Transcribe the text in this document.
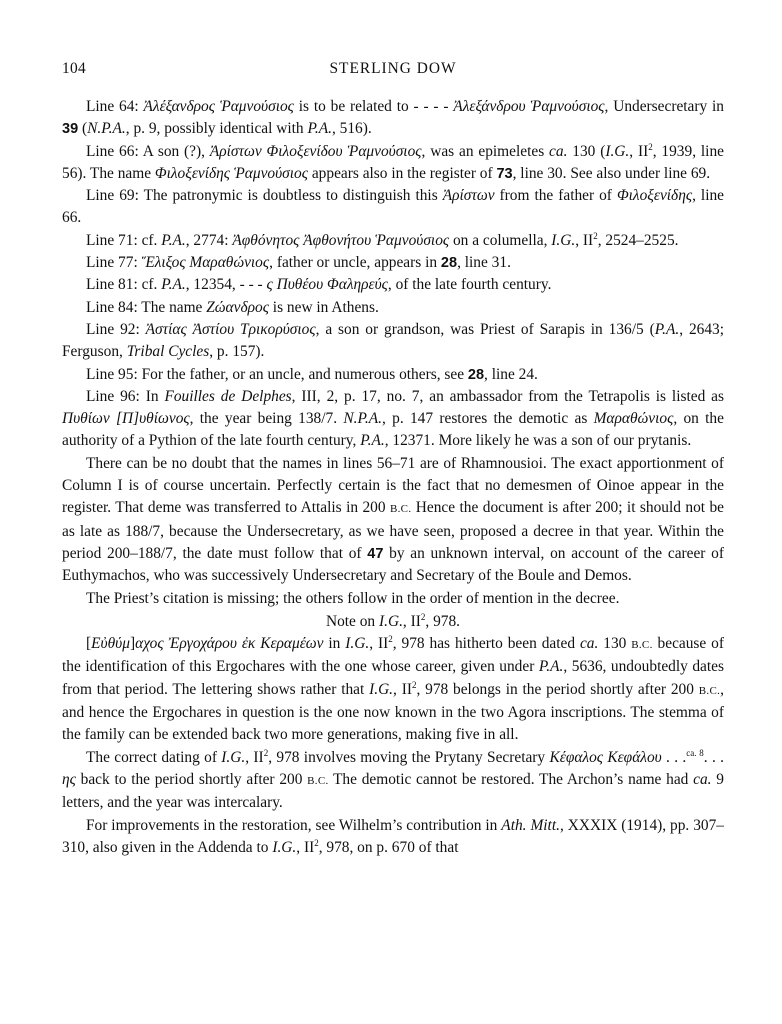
104	STERLING DOW

Line 64: Ἀλέξανδρος Ῥαμνούσιος is to be related to - - - - Ἀλεξάνδρου Ῥαμνούσιος, Undersecretary in 39 (N.P.A., p. 9, possibly identical with P.A., 516).

Line 66: A son (?), Ἀρίστων Φιλοξενίδου Ῥαμνούσιος, was an epimeletes ca. 130 (I.G., $II^2$, 1939, line 56). The name Φιλοξενίδης Ῥαμνούσιος appears also in the register of 73, line 30. See also under line 69.

Line 69: The patronymic is doubtless to distinguish this Ἀρίστων from the father of Φιλοξενίδης, line 66.

Line 71: cf. P.A., 2774: Ἀφθόνητος Ἀφθονήτου Ῥαμνούσιος on a columella, I.G., $II^2$, 2524–2525.

Line 77: Ἕλιξος Μαραθώνιος, father or uncle, appears in 28, line 31.

Line 81: cf. P.A., 12354, - - - ς Πυθέου Φαληρεύς, of the late fourth century.

Line 84: The name Ζώανδρος is new in Athens.

Line 92: Ἀστίας Ἀστίου Τρικορύσιος, a son or grandson, was Priest of Sarapis in 136/5 (P.A., 2643; Ferguson, Tribal Cycles, p. 157).

Line 95: For the father, or an uncle, and numerous others, see 28, line 24.

Line 96: In Fouilles de Delphes, III, 2, p. 17, no. 7, an ambassador from the Tetrapolis is listed as Πυθίων [Π]υθίωνος, the year being 138/7. N.P.A., p. 147 restores the demotic as Μαραθώνιος, on the authority of a Pythion of the late fourth century, P.A., 12371. More likely he was a son of our prytanis.

There can be no doubt that the names in lines 56–71 are of Rhamnousioi. The exact apportionment of Column I is of course uncertain. Perfectly certain is the fact that no demesmen of Oinoe appear in the register. That deme was transferred to Attalis in 200 B.C. Hence the document is after 200; it should not be as late as 188/7, because the Undersecretary, as we have seen, proposed a decree in that year. Within the period 200–188/7, the date must follow that of 47 by an unknown interval, on account of the career of Euthymachos, who was successively Undersecretary and Secretary of the Boule and Demos.

The Priest’s citation is missing; the others follow in the order of mention in the decree.

Note on I.G., $II^2$, 978.

[Εὐθύμ]αχος Ἐργοχάρου ἐκ Κεραμέων in I.G., $II^2$, 978 has hitherto been dated ca. 130 B.C. because of the identification of this Ergochares with the one whose career, given under P.A., 5636, undoubtedly dates from that period. The lettering shows rather that I.G., $II^2$, 978 belongs in the period shortly after 200 B.C., and hence the Ergochares in question is the one now known in the two Agora inscriptions. The stemma of the family can be extended back two more generations, making five in all.

The correct dating of I.G., $II^2$, 978 involves moving the Prytany Secretary Κέφαλος Κεφάλου . . .$^{ca. 8}$. . . ης back to the period shortly after 200 B.C. The demotic cannot be restored. The Archon’s name had ca. 9 letters, and the year was intercalary.

For improvements in the restoration, see Wilhelm’s contribution in Ath. Mitt., XXXIX (1914), pp. 307–310, also given in the Addenda to I.G., $II^2$, 978, on p. 670 of that
